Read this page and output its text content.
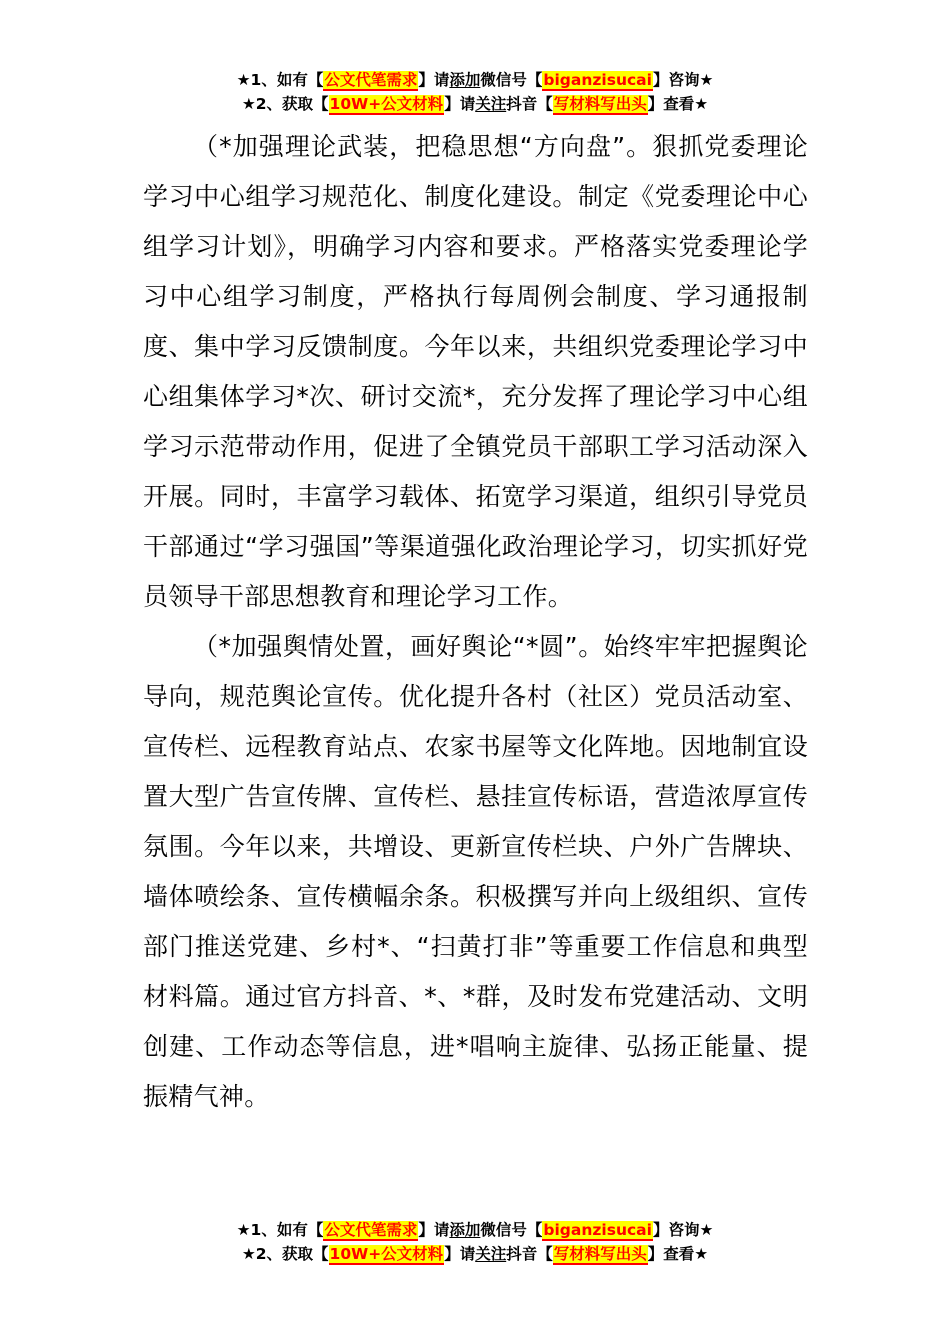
★1、如有【公文代笔需求】请添加微信号【biganzisucai】咨询★
★2、获取【10W+公文材料】请关注抖音【写材料写出头】查看★

（*加强理论武装，把稳思想“方向盘”。狠抓党委理论学习中心组学习规范化、制度化建设。制定《党委理论中心组学习计划》，明确学习内容和要求。严格落实党委理论学习中心组学习制度，严格执行每周例会制度、学习通报制度、集中学习反馈制度。今年以来，共组织党委理论学习中心组集体学习*次、研讨交流*，充分发挥了理论学习中心组学习示范带动作用，促进了全镇党员干部职工学习活动深入开展。同时，丰富学习载体、拓宽学习渠道，组织引导党员干部通过“学习强国”等渠道强化政治理论学习，切实抓好党员领导干部思想教育和理论学习工作。

（*加强舆情处置，画好舆论“*圆”。始终牢牢把握舆论导向，规范舆论宣传。优化提升各村（社区）党员活动室、宣传栏、远程教育站点、农家书屋等文化阵地。因地制宜设置大型广告宣传牌、宣传栏、悬挂宣传标语，营造浓厚宣传氛围。今年以来，共增设、更新宣传栏块、户外广告牌块、墙体喷绘条、宣传横幅余条。积极撰写并向上级组织、宣传部门推送党建、乡村*、“扫黄打非”等重要工作信息和典型材料篇。通过官方抖音、*、*群，及时发布党建活动、文明创建、工作动态等信息，进*唱响主旋律、弘扬正能量、提振精气神。

★1、如有【公文代笔需求】请添加微信号【biganzisucai】咨询★
★2、获取【10W+公文材料】请关注抖音【写材料写出头】查看★
